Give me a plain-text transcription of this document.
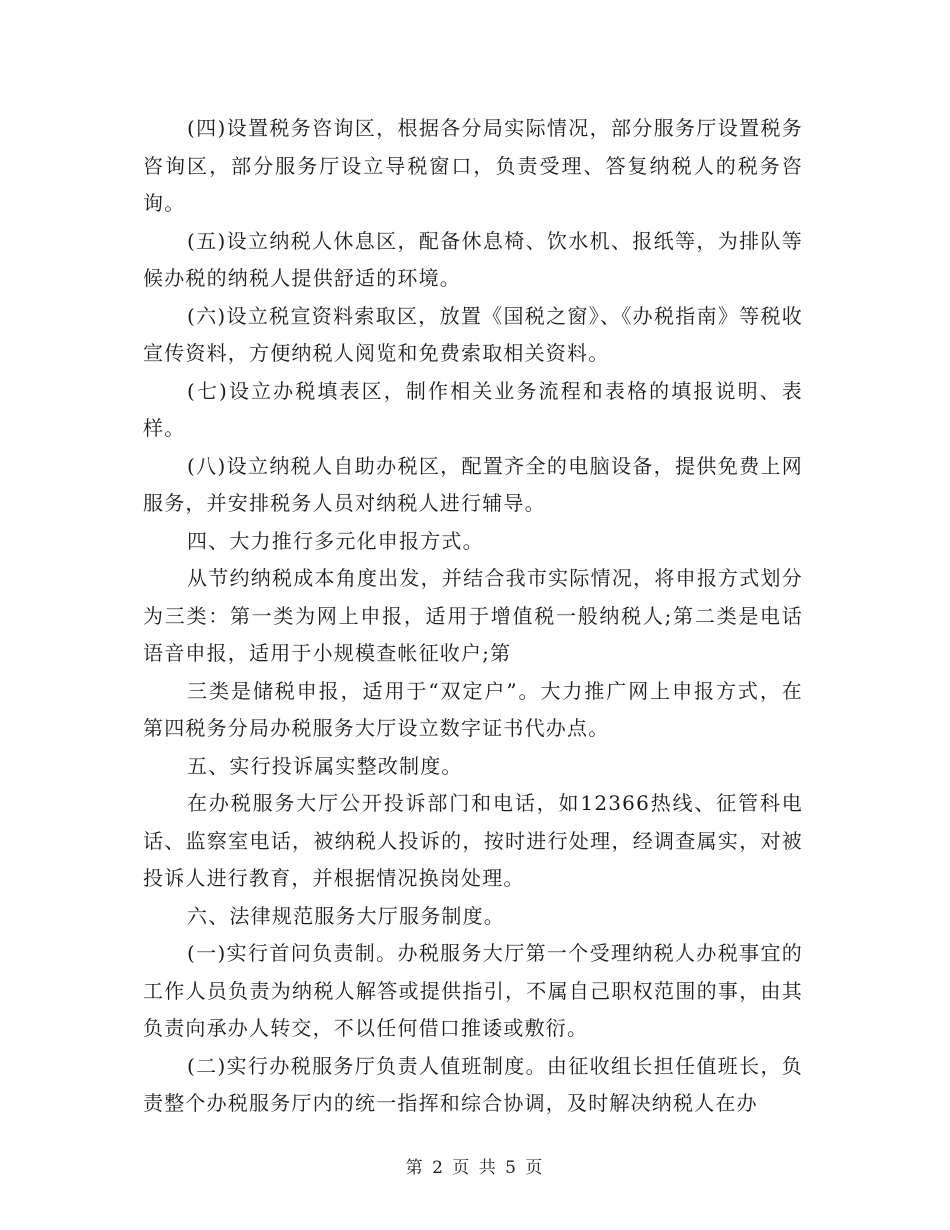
(四)设置税务咨询区，根据各分局实际情况，部分服务厅设置税务咨询区，部分服务厅设立导税窗口，负责受理、答复纳税人的税务咨询。

(五)设立纳税人休息区，配备休息椅、饮水机、报纸等，为排队等候办税的纳税人提供舒适的环境。

(六)设立税宣资料索取区，放置《国税之窗》、《办税指南》等税收宣传资料，方便纳税人阅览和免费索取相关资料。

(七)设立办税填表区，制作相关业务流程和表格的填报说明、表样。

(八)设立纳税人自助办税区，配置齐全的电脑设备，提供免费上网服务，并安排税务人员对纳税人进行辅导。

四、大力推行多元化申报方式。

从节约纳税成本角度出发，并结合我市实际情况，将申报方式划分为三类：第一类为网上申报，适用于增值税一般纳税人;第二类是电话语音申报，适用于小规模查帐征收户;第

三类是储税申报，适用于“双定户”。大力推广网上申报方式，在第四税务分局办税服务大厅设立数字证书代办点。

五、实行投诉属实整改制度。

在办税服务大厅公开投诉部门和电话，如12366热线、征管科电话、监察室电话，被纳税人投诉的，按时进行处理，经调查属实，对被投诉人进行教育，并根据情况换岗处理。

六、法律规范服务大厅服务制度。

(一)实行首问负责制。办税服务大厅第一个受理纳税人办税事宜的工作人员负责为纳税人解答或提供指引，不属自己职权范围的事，由其负责向承办人转交，不以任何借口推诿或敷衍。

(二)实行办税服务厅负责人值班制度。由征收组长担任值班长，负责整个办税服务厅内的统一指挥和综合协调，及时解决纳税人在办

第 2 页 共 5 页
